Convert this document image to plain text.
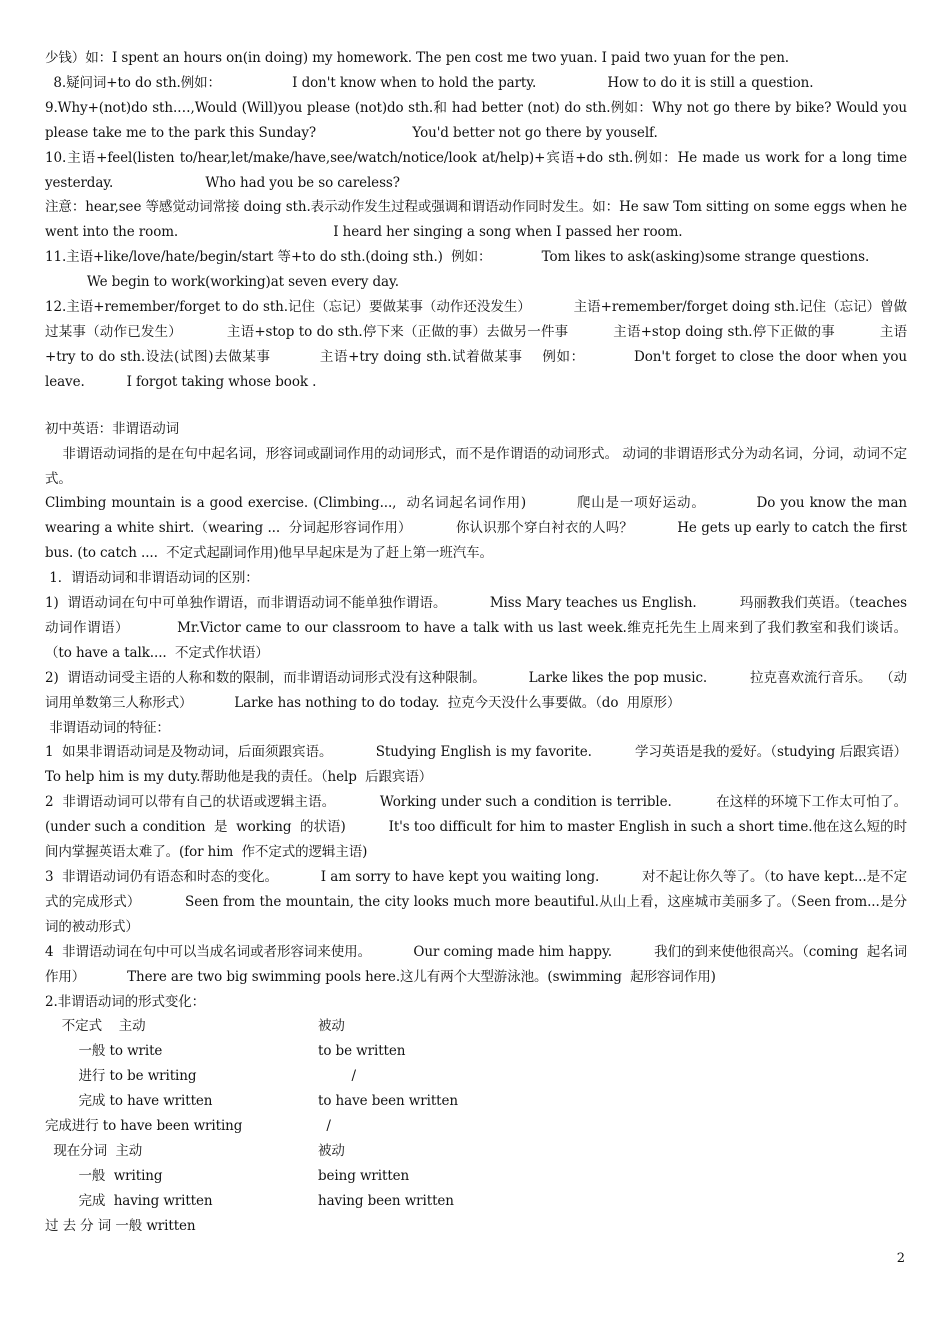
少钱）如：I spent an hours on(in doing) my homework. The pen cost me two yuan. I paid two yuan for the pen.

8.疑问词+to do sth.例如：                 I don't know when to hold the party.                 How to do it is still a question.

9.Why+(not)do sth.…,Would (Will)you please (not)do sth.和 had better (not) do sth.例如：Why not go there by bike? Would you please take me to the park this Sunday?                       You'd better not go there by youself.

10.主语+feel(listen to/hear,let/make/have,see/watch/notice/look at/help)+宾语+do sth.例如：He made us work for a long time yesterday.                      Who had you be so careless?

注意：hear,see 等感觉动词常接 doing sth.表示动作发生过程或强调和谓语动作同时发生。如：He saw Tom sitting on some eggs when he went into the room.                                     I heard her singing a song when I passed her room.

11.主语+like/love/hate/begin/start 等+to do sth.(doing sth.)  例如：            Tom likes to ask(asking)some strange questions.

We begin to work(working)at seven every day.

12.主语+remember/forget to do sth.记住（忘记）要做某事（动作还没发生）          主语+remember/forget doing sth.记住（忘记）曾做过某事（动作已发生）          主语+stop to do sth.停下来（正做的事）去做另一件事          主语+stop doing sth.停下正做的事          主语+try to do sth.设法(试图)去做某事          主语+try doing sth.试着做某事    例如：          Don't forget to close the door when you leave.          I forgot taking whose book .

初中英语：非谓语动词

非谓语动词指的是在句中起名词，形容词或副词作用的动词形式，而不是作谓语的动词形式。 动词的非谓语形式分为动名词，分词，动词不定式。

Climbing mountain is a good exercise. (Climbing...,  动名词起名词作用)          爬山是一项好运动。          Do you know the man wearing a white shirt.（wearing ...  分词起形容词作用）          你认识那个穿白衬衣的人吗？          He gets up early to catch the first bus. (to catch ....  不定式起副词作用)他早早起床是为了赶上第一班汽车。

1．谓语动词和非谓语动词的区别：

1)  谓语动词在句中可单独作谓语，而非谓语动词不能单独作谓语。          Miss Mary teaches us English.          玛丽教我们英语。（teaches  动词作谓语）          Mr.Victor came to our classroom to have a talk with us last week.维克托先生上周来到了我们教室和我们谈话。  （to have a talk....  不定式作状语）

2)  谓语动词受主语的人称和数的限制，而非谓语动词形式没有这种限制。          Larke likes the pop music.          拉克喜欢流行音乐。  （动词用单数第三人称形式）          Larke has nothing to do today.  拉克今天没什么事要做。（do  用原形）

非谓语动词的特征：

1  如果非谓语动词是及物动词，后面须跟宾语。          Studying English is my favorite.          学习英语是我的爱好。（studying 后跟宾语）          To help him is my duty.帮助他是我的责任。（help  后跟宾语）

2  非谓语动词可以带有自己的状语或逻辑主语。          Working under such a condition is terrible.          在这样的环境下工作太可怕了。(under such a condition  是  working  的状语)          It's too difficult for him to master English in such a short time.他在这么短的时间内掌握英语太难了。(for him  作不定式的逻辑主语)

3  非谓语动词仍有语态和时态的变化。          I am sorry to have kept you waiting long.          对不起让你久等了。（to have kept...是不定式的完成形式）          Seen from the mountain, the city looks much more beautiful.从山上看，这座城市美丽多了。（Seen from...是分词的被动形式）

4  非谓语动词在句中可以当成名词或者形容词来使用。          Our coming made him happy.          我们的到来使他很高兴。（coming  起名词作用）          There are two big swimming pools here.这儿有两个大型游泳池。(swimming  起形容词作用)

2.非谓语动词的形式变化：

不定式    主动	被动
一般 to write	to be written
进行 to be writing	/
完成 to have written	to have been written
完成进行 to have been writing	/
现在分词  主动	被动
一般  writing	being written
完成  having written	having been written
过 去 分 词 一般 written	
2
